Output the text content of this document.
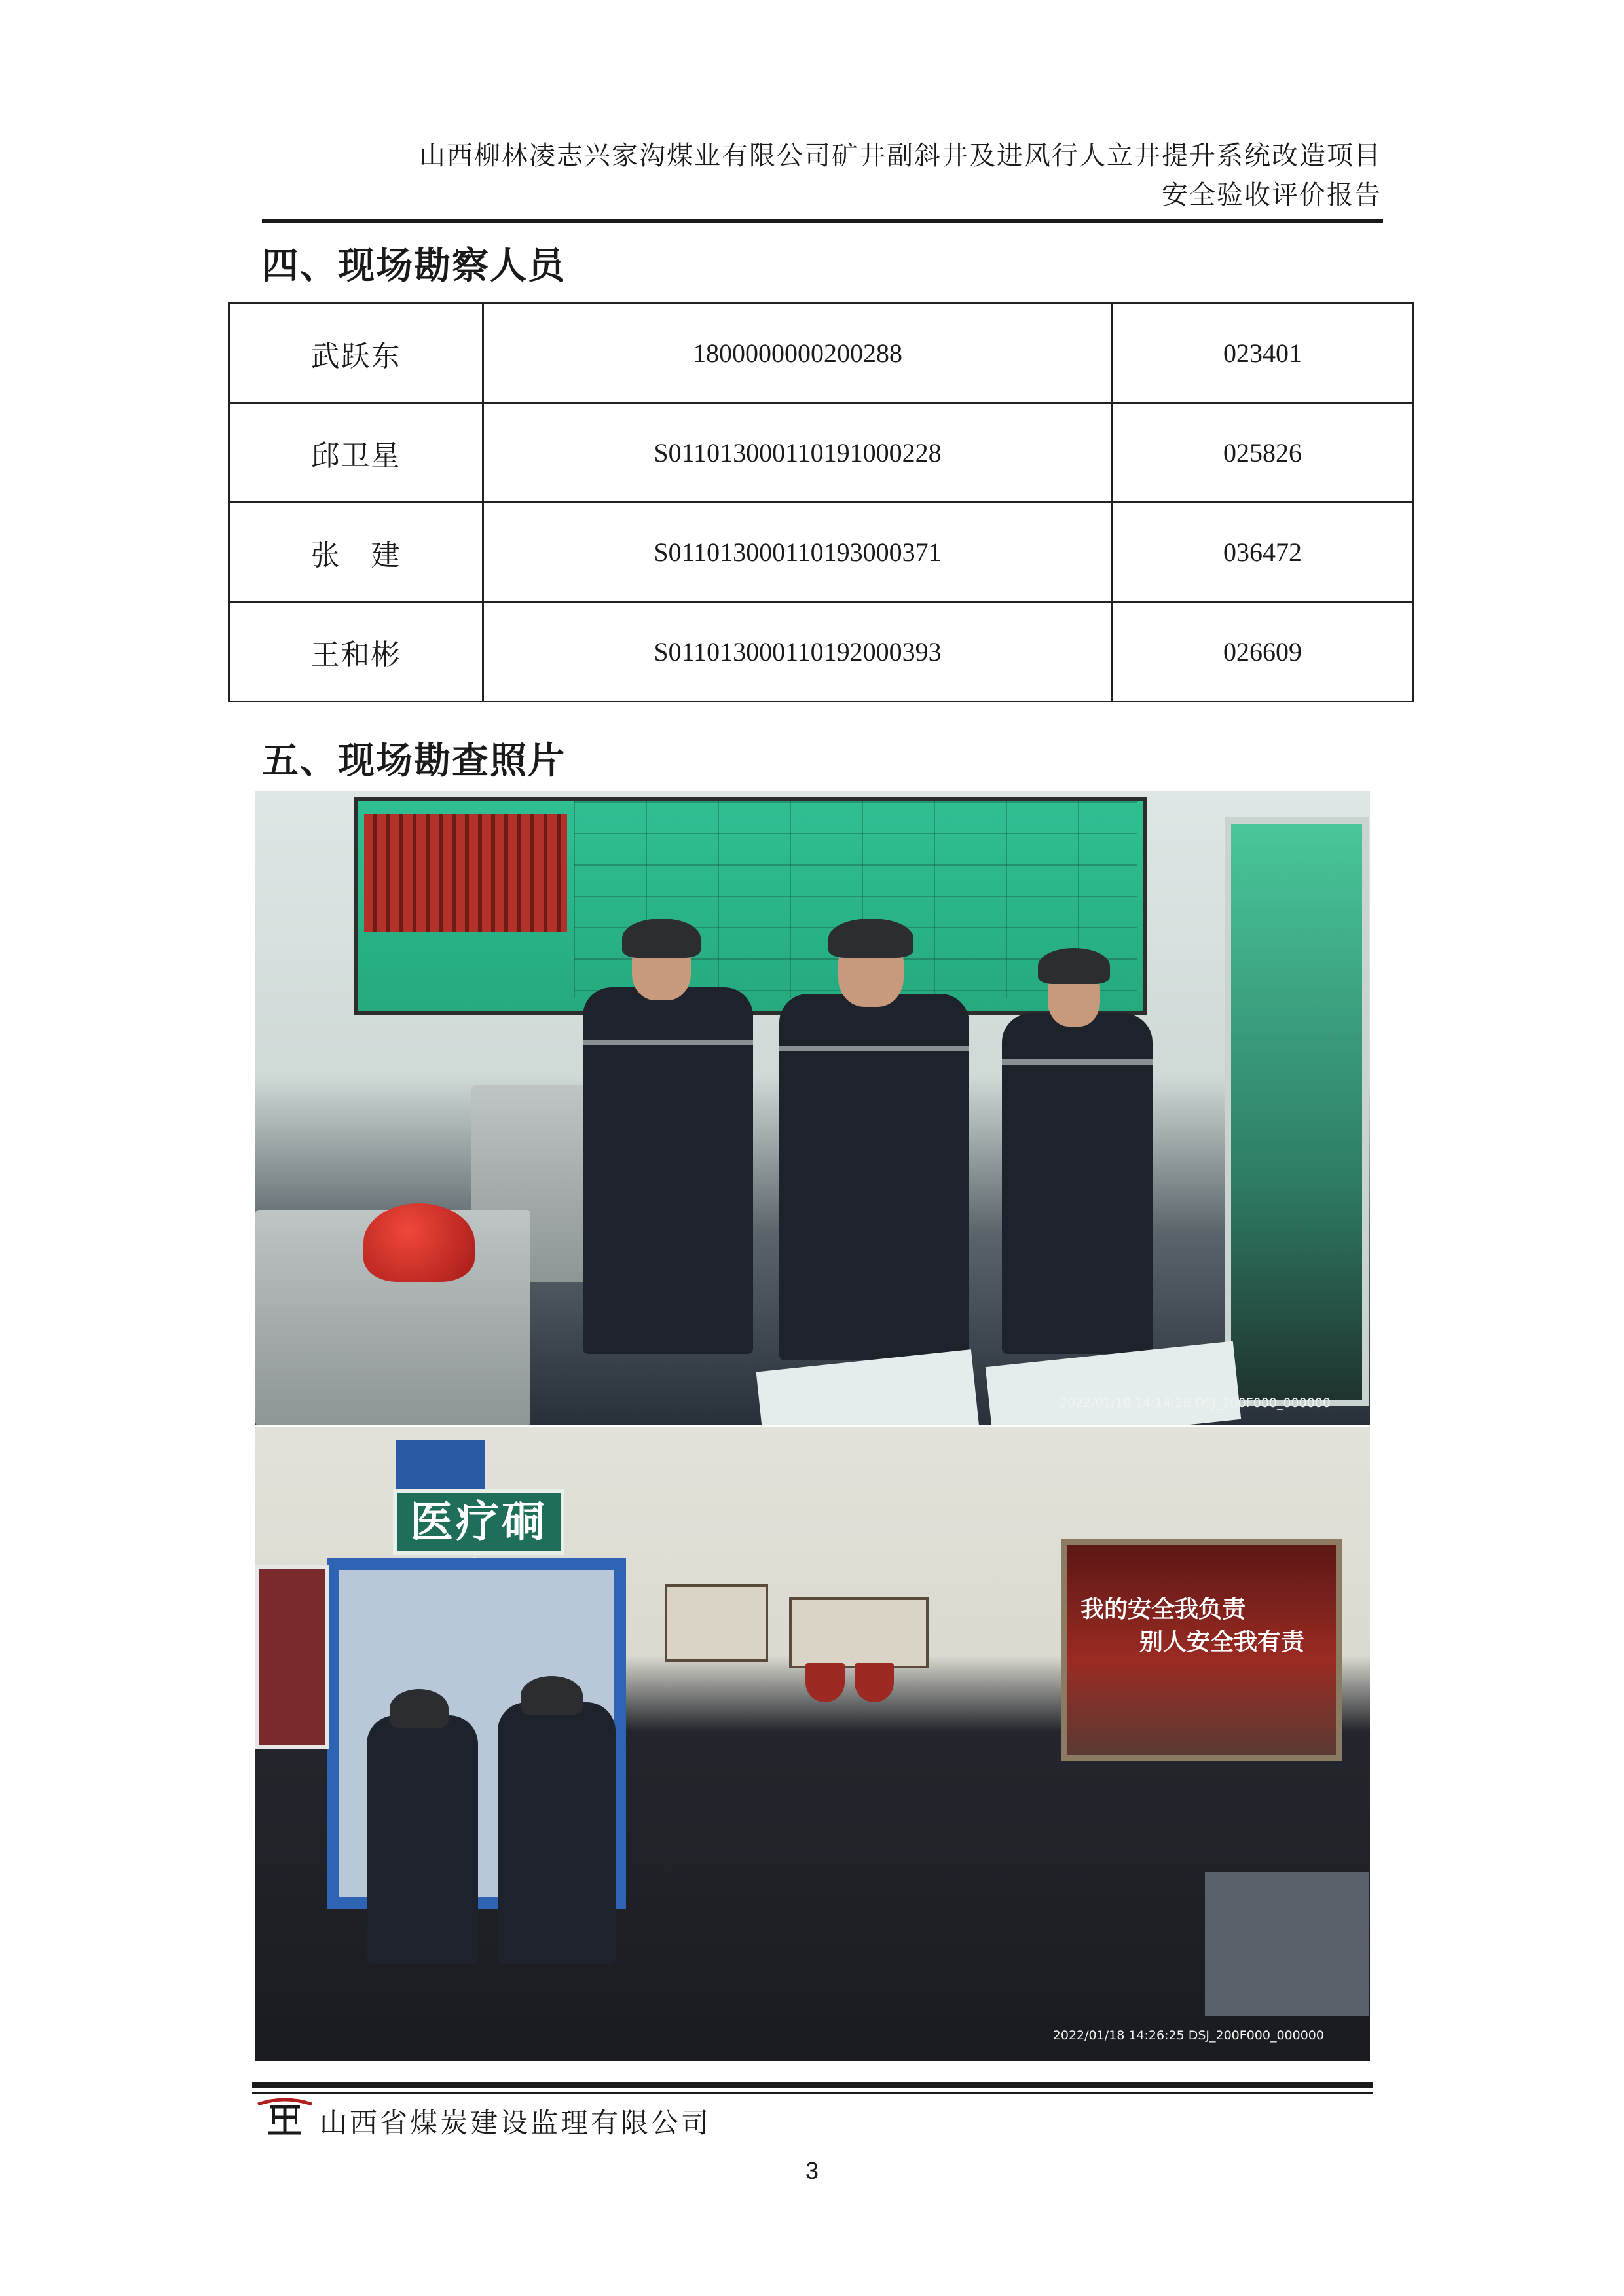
山西柳林凌志兴家沟煤业有限公司矿井副斜井及进风行人立井提升系统改造项目
安全验收评价报告
四、现场勘察人员
武跃东	1800000000200288	023401
邱卫星	S011013000110191000228	025826
张　建	S011013000110193000371	036472
王和彬	S011013000110192000393	026609
五、现场勘查照片
2022/01/18 14:14:28 DSJ_200F000_000000
医疗硐
我的安全我负责
别人安全我有责
2022/01/18 14:26:25 DSJ_200F000_000000
山西省煤炭建设监理有限公司
3
